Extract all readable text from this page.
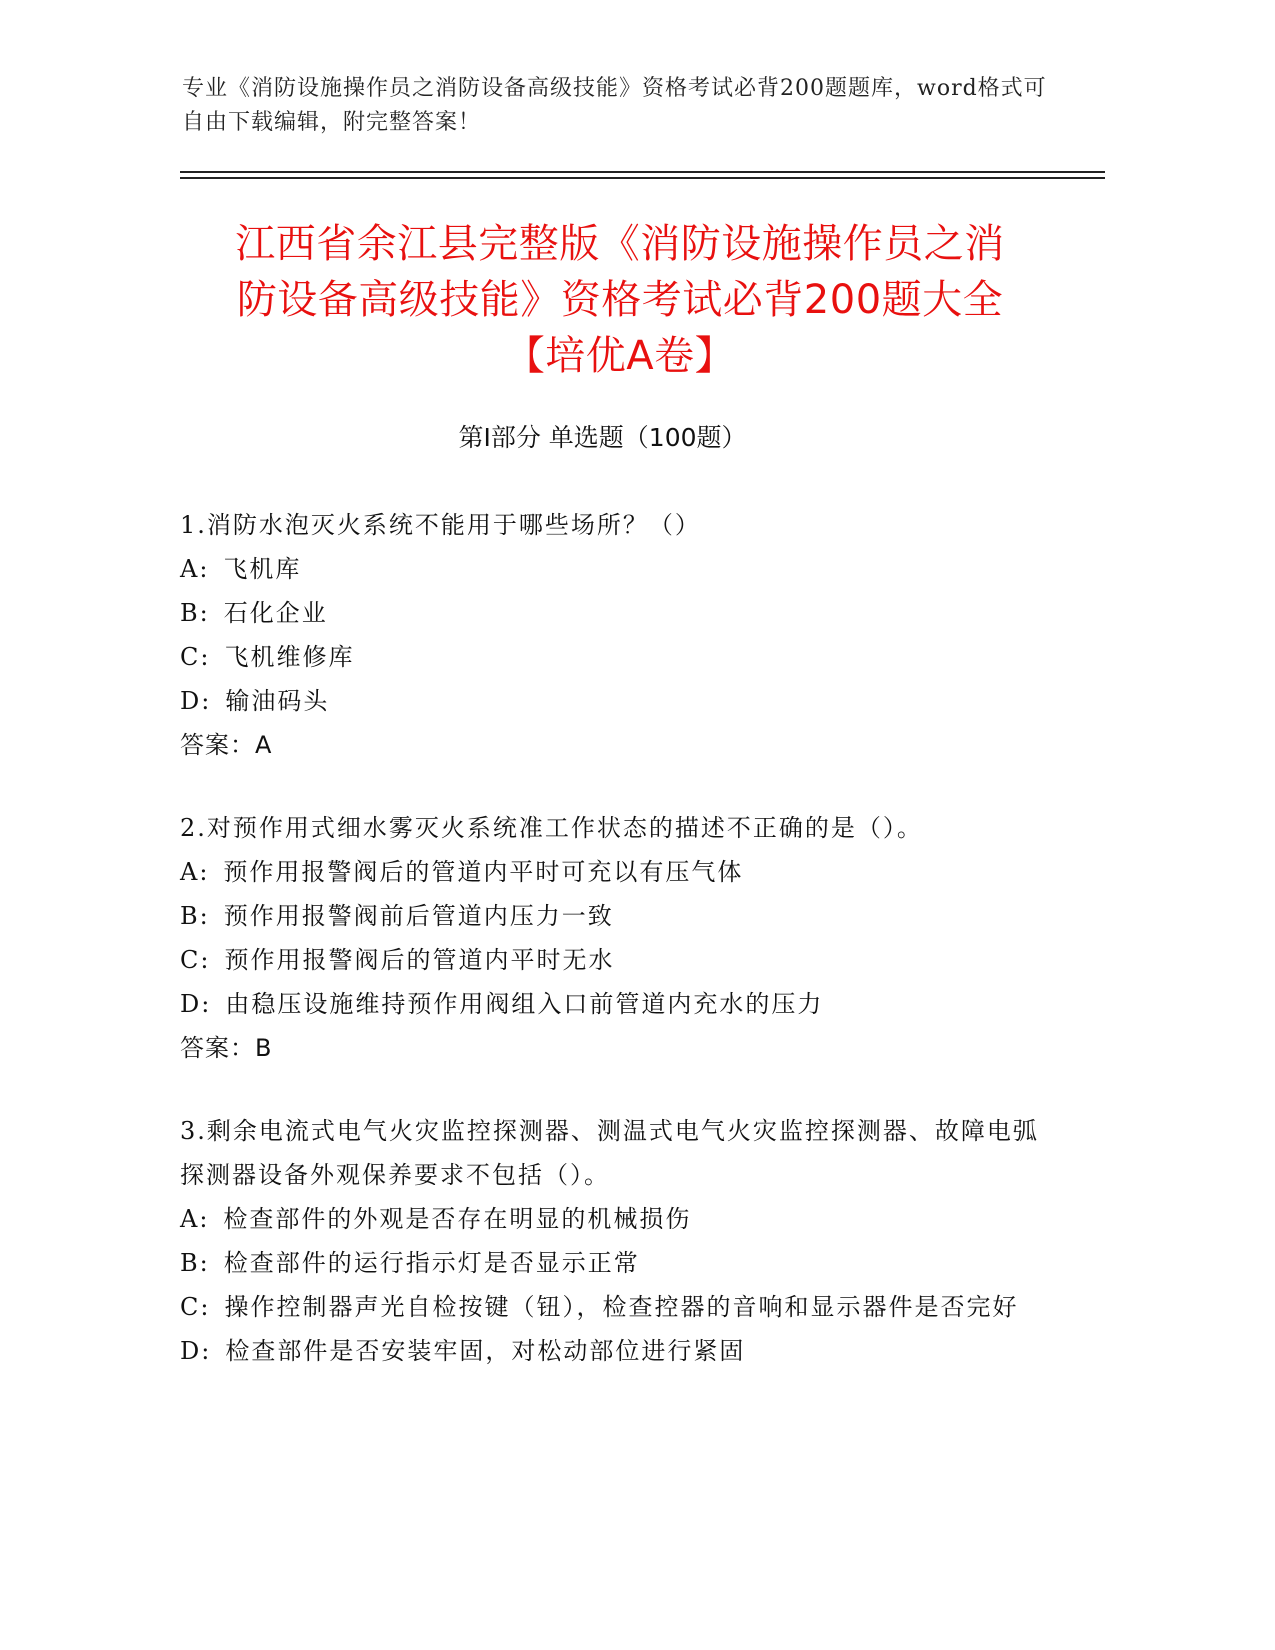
专业《消防设施操作员之消防设备高级技能》资格考试必背200题题库，word格式可自由下载编辑，附完整答案！
江西省余江县完整版《消防设施操作员之消
防设备高级技能》资格考试必背200题大全
【培优A卷】
第Ⅰ部分 单选题（100题）
1.消防水泡灭火系统不能用于哪些场所？（）
A: 飞机库
B: 石化企业
C: 飞机维修库
D: 输油码头
答案：A
2.对预作用式细水雾灭火系统准工作状态的描述不正确的是（）。
A: 预作用报警阀后的管道内平时可充以有压气体
B: 预作用报警阀前后管道内压力一致
C: 预作用报警阀后的管道内平时无水
D: 由稳压设施维持预作用阀组入口前管道内充水的压力
答案：B
3.剩余电流式电气火灾监控探测器、测温式电气火灾监控探测器、故障电弧探测器设备外观保养要求不包括（）。
A: 检查部件的外观是否存在明显的机械损伤
B: 检查部件的运行指示灯是否显示正常
C: 操作控制器声光自检按键（钮），检查控器的音响和显示器件是否完好
D: 检查部件是否安装牢固，对松动部位进行紧固
